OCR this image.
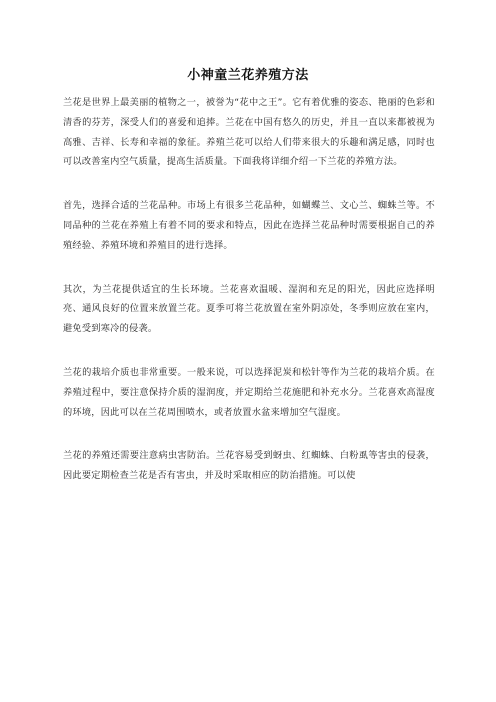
小神童兰花养殖方法

兰花是世界上最美丽的植物之一，被誉为“花中之王”。它有着优雅的姿态、艳丽的色彩和清香的芬芳，深受人们的喜爱和追捧。兰花在中国有悠久的历史，并且一直以来都被视为高雅、吉祥、长寿和幸福的象征。养殖兰花可以给人们带来很大的乐趣和满足感，同时也可以改善室内空气质量，提高生活质量。下面我将详细介绍一下兰花的养殖方法。

首先，选择合适的兰花品种。市场上有很多兰花品种，如蝴蝶兰、文心兰、蜘蛛兰等。不同品种的兰花在养殖上有着不同的要求和特点，因此在选择兰花品种时需要根据自己的养殖经验、养殖环境和养殖目的进行选择。

其次，为兰花提供适宜的生长环境。兰花喜欢温暖、湿润和充足的阳光，因此应选择明亮、通风良好的位置来放置兰花。夏季可将兰花放置在室外阴凉处，冬季则应放在室内，避免受到寒冷的侵袭。

兰花的栽培介质也非常重要。一般来说，可以选择泥炭和松针等作为兰花的栽培介质。在养殖过程中，要注意保持介质的湿润度，并定期给兰花施肥和补充水分。兰花喜欢高湿度的环境，因此可以在兰花周围喷水，或者放置水盆来增加空气湿度。

兰花的养殖还需要注意病虫害防治。兰花容易受到蚜虫、红蜘蛛、白粉虱等害虫的侵袭，因此要定期检查兰花是否有害虫，并及时采取相应的防治措施。可以使
